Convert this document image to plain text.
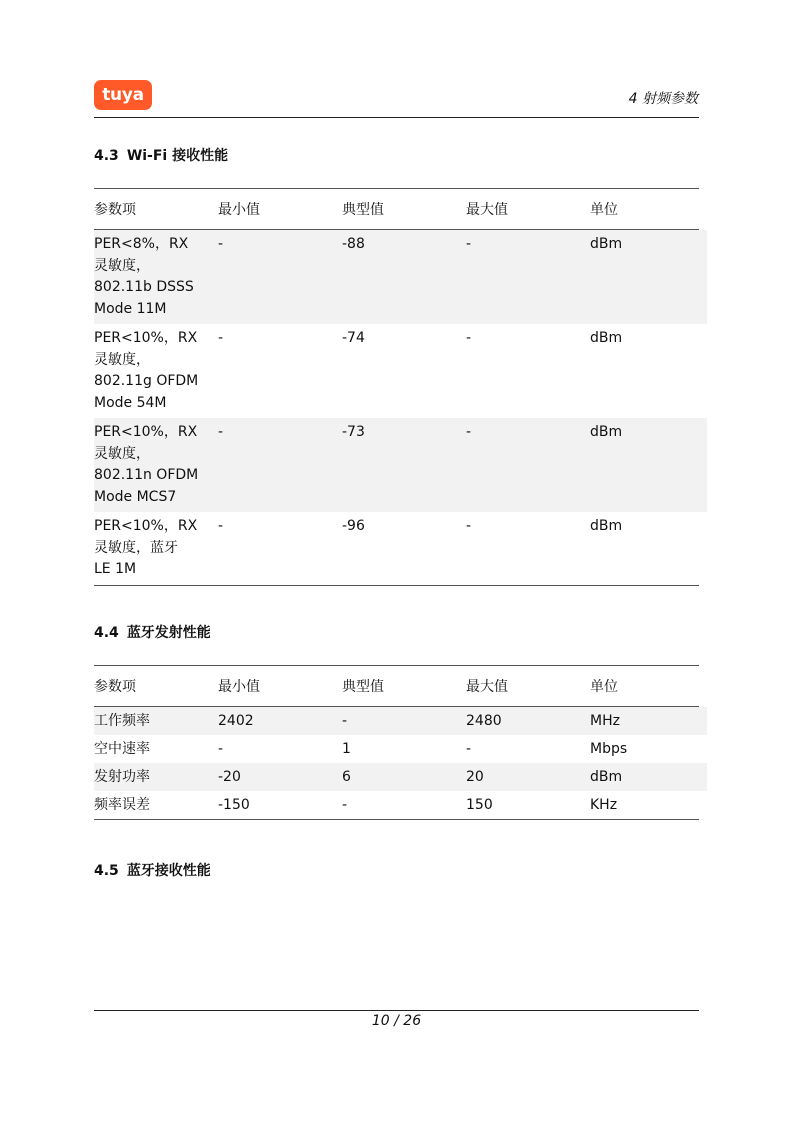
tuya	4 射频参数
4.3 Wi-Fi 接收性能
参数项	最小值	典型值	最大值	单位
PER<8%，RX
灵敏度，
802.11b DSSS
Mode 11M	-	-88	-	dBm
PER<10%，RX
灵敏度，
802.11g OFDM
Mode 54M	-	-74	-	dBm
PER<10%，RX
灵敏度，
802.11n OFDM
Mode MCS7	-	-73	-	dBm
PER<10%，RX
灵敏度，蓝牙
LE 1M	-	-96	-	dBm
4.4 蓝牙发射性能
参数项	最小值	典型值	最大值	单位
工作频率	2402	-	2480	MHz
空中速率	-	1	-	Mbps
发射功率	-20	6	20	dBm
频率误差	-150	-	150	KHz
4.5 蓝牙接收性能
10 / 26
